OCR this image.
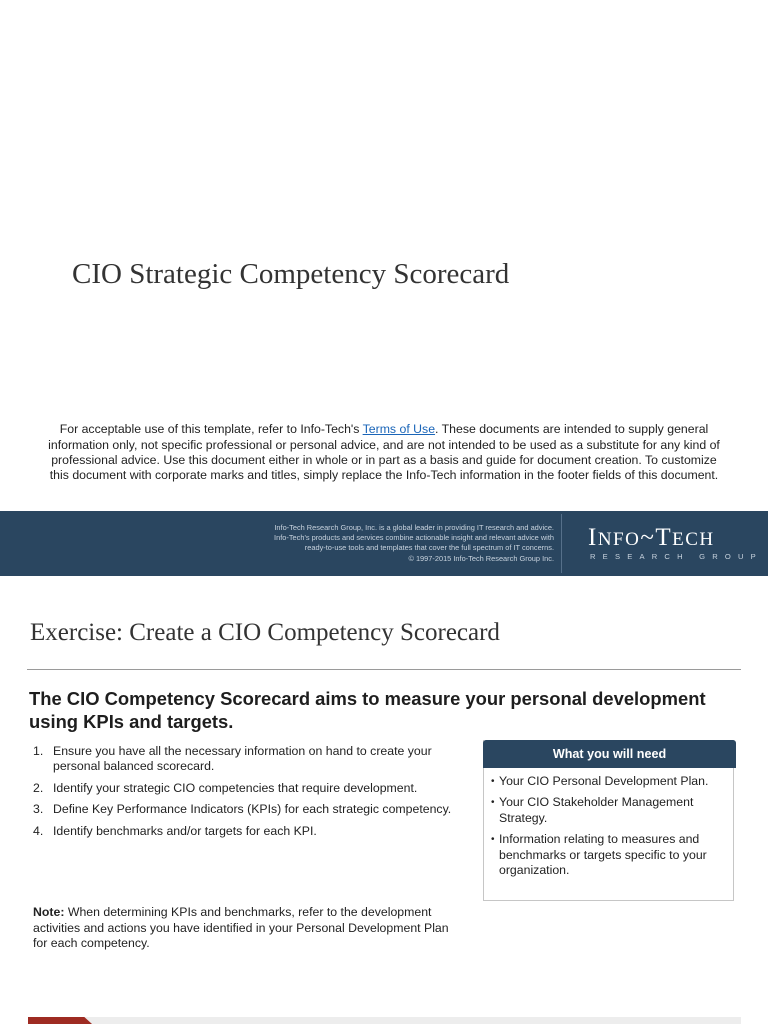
CIO Strategic Competency Scorecard

For acceptable use of this template, refer to Info-Tech's Terms of Use. These documents are intended to supply general information only, not specific professional or personal advice, and are not intended to be used as a substitute for any kind of professional advice. Use this document either in whole or in part as a basis and guide for document creation. To customize this document with corporate marks and titles, simply replace the Info-Tech information in the footer fields of this document.

Info-Tech Research Group, Inc. is a global leader in providing IT research and advice.
Info-Tech's products and services combine actionable insight and relevant advice with
ready-to-use tools and templates that cover the full spectrum of IT concerns.
© 1997-2015 Info-Tech Research Group Inc.
INFO~TECH
RESEARCH GROUP
Exercise: Create a CIO Competency Scorecard
The CIO Competency Scorecard aims to measure your personal development using KPIs and targets.
1. Ensure you have all the necessary information on hand to create your personal balanced scorecard.
2. Identify your strategic CIO competencies that require development.
3. Define Key Performance Indicators (KPIs) for each strategic competency.
4. Identify benchmarks and/or targets for each KPI.

Note: When determining KPIs and benchmarks, refer to the development activities and actions you have identified in your Personal Development Plan for each competency.

What you will need
• Your CIO Personal Development Plan.
• Your CIO Stakeholder Management Strategy.
• Information relating to measures and benchmarks or targets specific to your organization.
